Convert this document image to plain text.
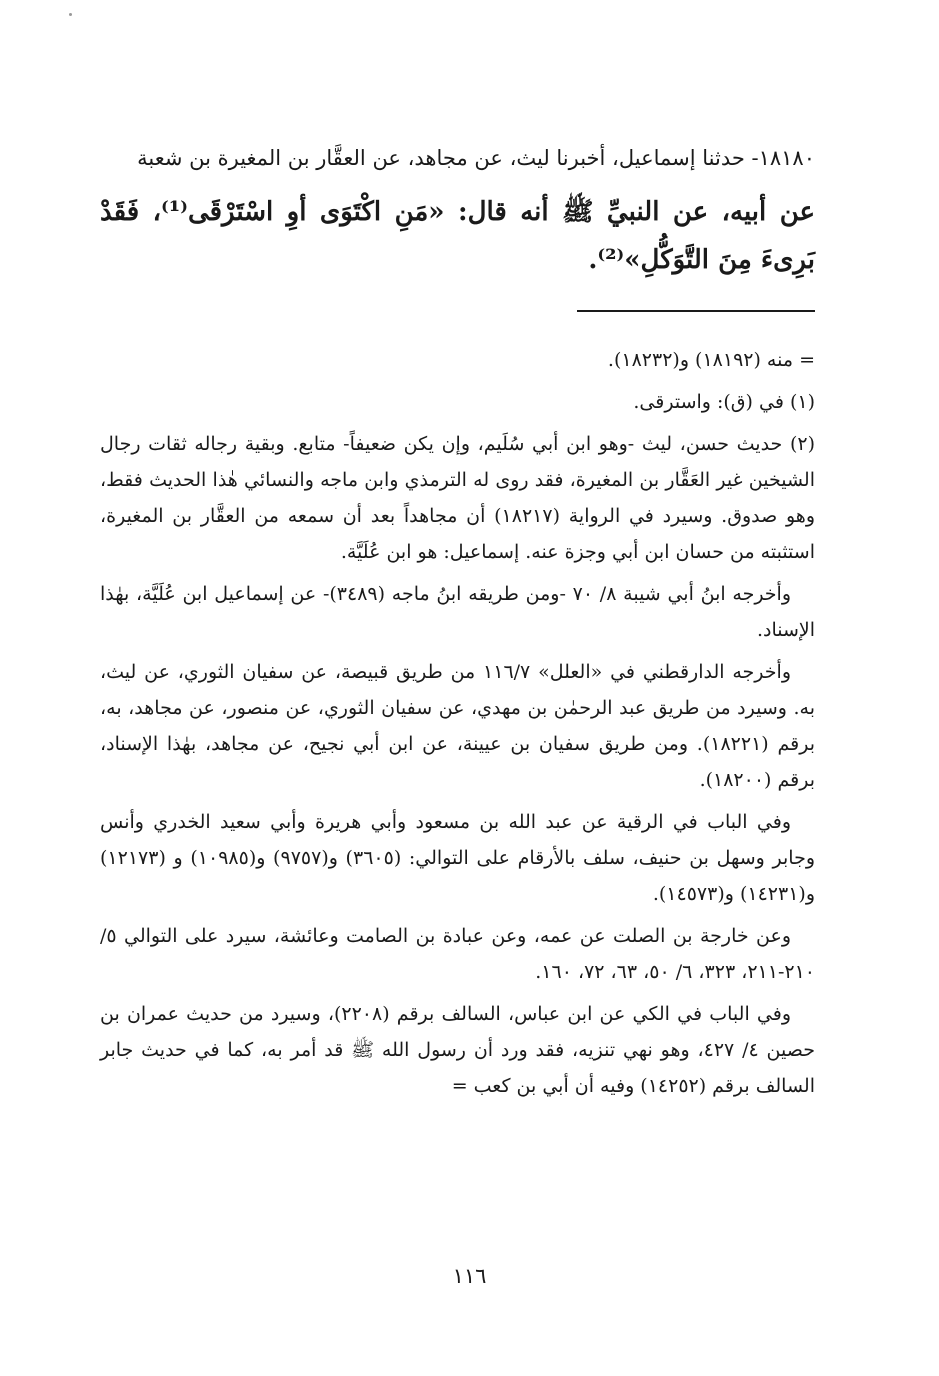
١٨١٨٠- حدثنا إسماعيل، أخبرنا ليث، عن مجاهد، عن العقَّار بن المغيرة بن شعبة

عن أبيه، عن النبيِّ ﷺ أنه قال: «مَنِ اكْتَوَى أوِ اسْتَرْقَى⁽¹⁾، فَقَدْ بَرِىءَ مِنَ التَّوَكُّلِ»⁽²⁾.

= منه (١٨١٩٢) و(١٨٢٣٢).

(١) في (ق): واسترقى.

(٢) حديث حسن، ليث -وهو ابن أبي سُلَيم، وإن يكن ضعيفاً- متابع. وبقية رجاله ثقات رجال الشيخين غير العَقَّار بن المغيرة، فقد روى له الترمذي وابن ماجه والنسائي هٰذا الحديث فقط، وهو صدوق. وسيرد في الرواية (١٨٢١٧) أن مجاهداً بعد أن سمعه من العقَّار بن المغيرة، استثبته من حسان ابن أبي وجزة عنه. إسماعيل: هو ابن عُلَيَّة.

وأخرجه ابنُ أبي شيبة ٨/ ٧٠ -ومن طريقه ابنُ ماجه (٣٤٨٩)- عن إسماعيل ابن عُلَيَّة، بهٰذا الإسناد.

وأخرجه الدارقطني في «العلل» ١١٦/٧ من طريق قبيصة، عن سفيان الثوري، عن ليث، به. وسيرد من طريق عبد الرحمٰن بن مهدي، عن سفيان الثوري، عن منصور، عن مجاهد، به، برقم (١٨٢٢١). ومن طريق سفيان بن عيينة، عن ابن أبي نجيح، عن مجاهد، بهٰذا الإسناد، برقم (١٨٢٠٠).

وفي الباب في الرقية عن عبد الله بن مسعود وأبي هريرة وأبي سعيد الخدري وأنس وجابر وسهل بن حنيف، سلف بالأرقام على التوالي: (٣٦٠٥) و(٩٧٥٧) و(١٠٩٨٥) و (١٢١٧٣) و(١٤٢٣١) و(١٤٥٧٣).

وعن خارجة بن الصلت عن عمه، وعن عبادة بن الصامت وعائشة، سيرد على التوالي ٥/ ٢١٠-٢١١، ٣٢٣، ٦/ ٥٠، ٦٣، ٧٢، ١٦٠.

وفي الباب في الكي عن ابن عباس، السالف برقم (٢٢٠٨)، وسيرد من حديث عمران بن حصين ٤/ ٤٢٧، وهو نهي تنزيه، فقد ورد أن رسول الله ﷺ قد أمر به، كما في حديث جابر السالف برقم (١٤٢٥٢) وفيه أن أبي بن كعب =

١١٦
